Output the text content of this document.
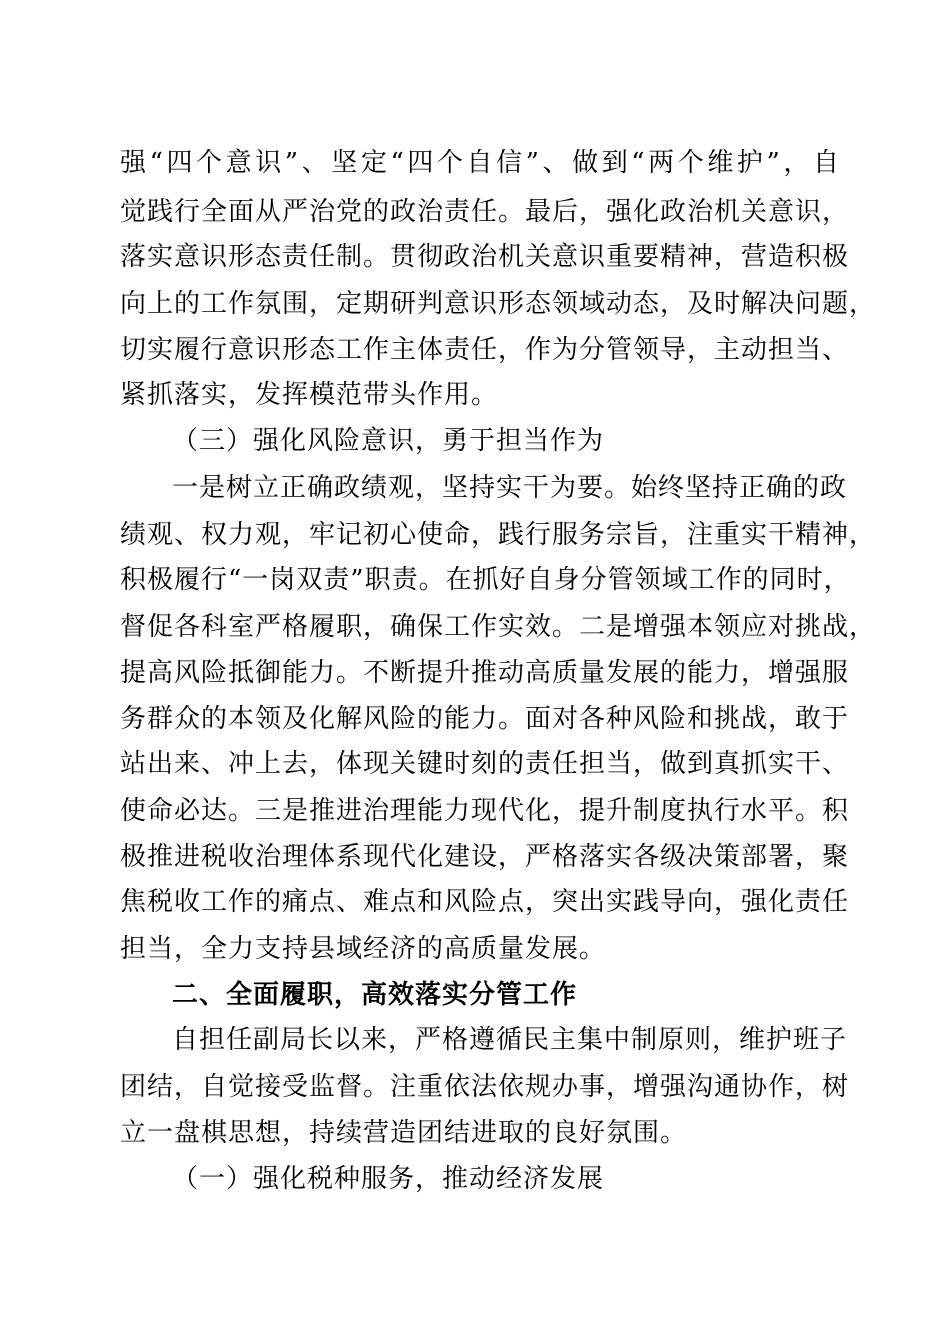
强“四个意识”、坚定“四个自信”、做到“两个维护”，自
觉践行全面从严治党的政治责任。最后，强化政治机关意识，
落实意识形态责任制。贯彻政治机关意识重要精神，营造积极
向上的工作氛围，定期研判意识形态领域动态，及时解决问题，
切实履行意识形态工作主体责任，作为分管领导，主动担当、
紧抓落实，发挥模范带头作用。
（三）强化风险意识，勇于担当作为
一是树立正确政绩观，坚持实干为要。始终坚持正确的政
绩观、权力观，牢记初心使命，践行服务宗旨，注重实干精神，
积极履行“一岗双责”职责。在抓好自身分管领域工作的同时，
督促各科室严格履职，确保工作实效。二是增强本领应对挑战，
提高风险抵御能力。不断提升推动高质量发展的能力，增强服
务群众的本领及化解风险的能力。面对各种风险和挑战，敢于
站出来、冲上去，体现关键时刻的责任担当，做到真抓实干、
使命必达。三是推进治理能力现代化，提升制度执行水平。积
极推进税收治理体系现代化建设，严格落实各级决策部署，聚
焦税收工作的痛点、难点和风险点，突出实践导向，强化责任
担当，全力支持县域经济的高质量发展。
二、全面履职，高效落实分管工作
自担任副局长以来，严格遵循民主集中制原则，维护班子
团结，自觉接受监督。注重依法依规办事，增强沟通协作，树
立一盘棋思想，持续营造团结进取的良好氛围。
（一）强化税种服务，推动经济发展
